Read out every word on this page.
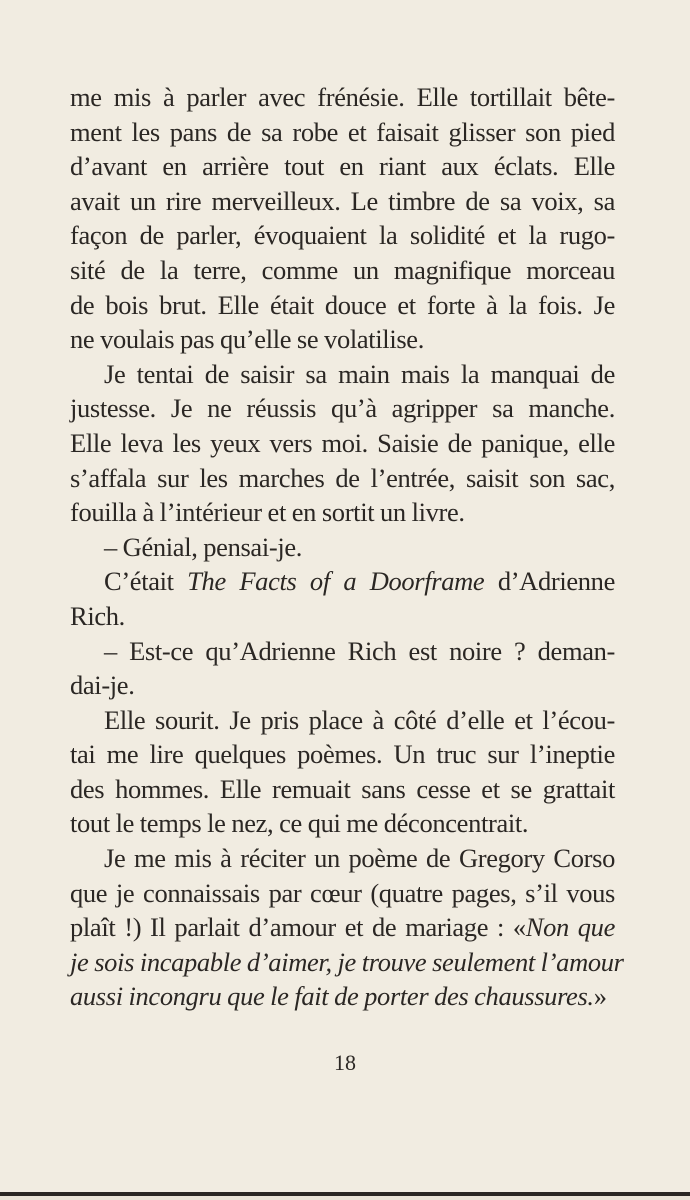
me mis à parler avec frénésie. Elle tortillait bête-
ment les pans de sa robe et faisait glisser son pied
d’avant en arrière tout en riant aux éclats. Elle
avait un rire merveilleux. Le timbre de sa voix, sa
façon de parler, évoquaient la solidité et la rugo-
sité de la terre, comme un magnifique morceau
de bois brut. Elle était douce et forte à la fois. Je
ne voulais pas qu’elle se volatilise.
Je tentai de saisir sa main mais la manquai de
justesse. Je ne réussis qu’à agripper sa manche.
Elle leva les yeux vers moi. Saisie de panique, elle
s’affala sur les marches de l’entrée, saisit son sac,
fouilla à l’intérieur et en sortit un livre.
– Génial, pensai-je.
C’était The Facts of a Doorframe d’Adrienne
Rich.
– Est-ce qu’Adrienne Rich est noire ? deman-
dai-je.
Elle sourit. Je pris place à côté d’elle et l’écou-
tai me lire quelques poèmes. Un truc sur l’ineptie
des hommes. Elle remuait sans cesse et se grattait
tout le temps le nez, ce qui me déconcentrait.
Je me mis à réciter un poème de Gregory Corso
que je connaissais par cœur (quatre pages, s’il vous
plaît !) Il parlait d’amour et de mariage : «Non que
je sois incapable d’aimer, je trouve seulement l’amour
aussi incongru que le fait de porter des chaussures.»
18
